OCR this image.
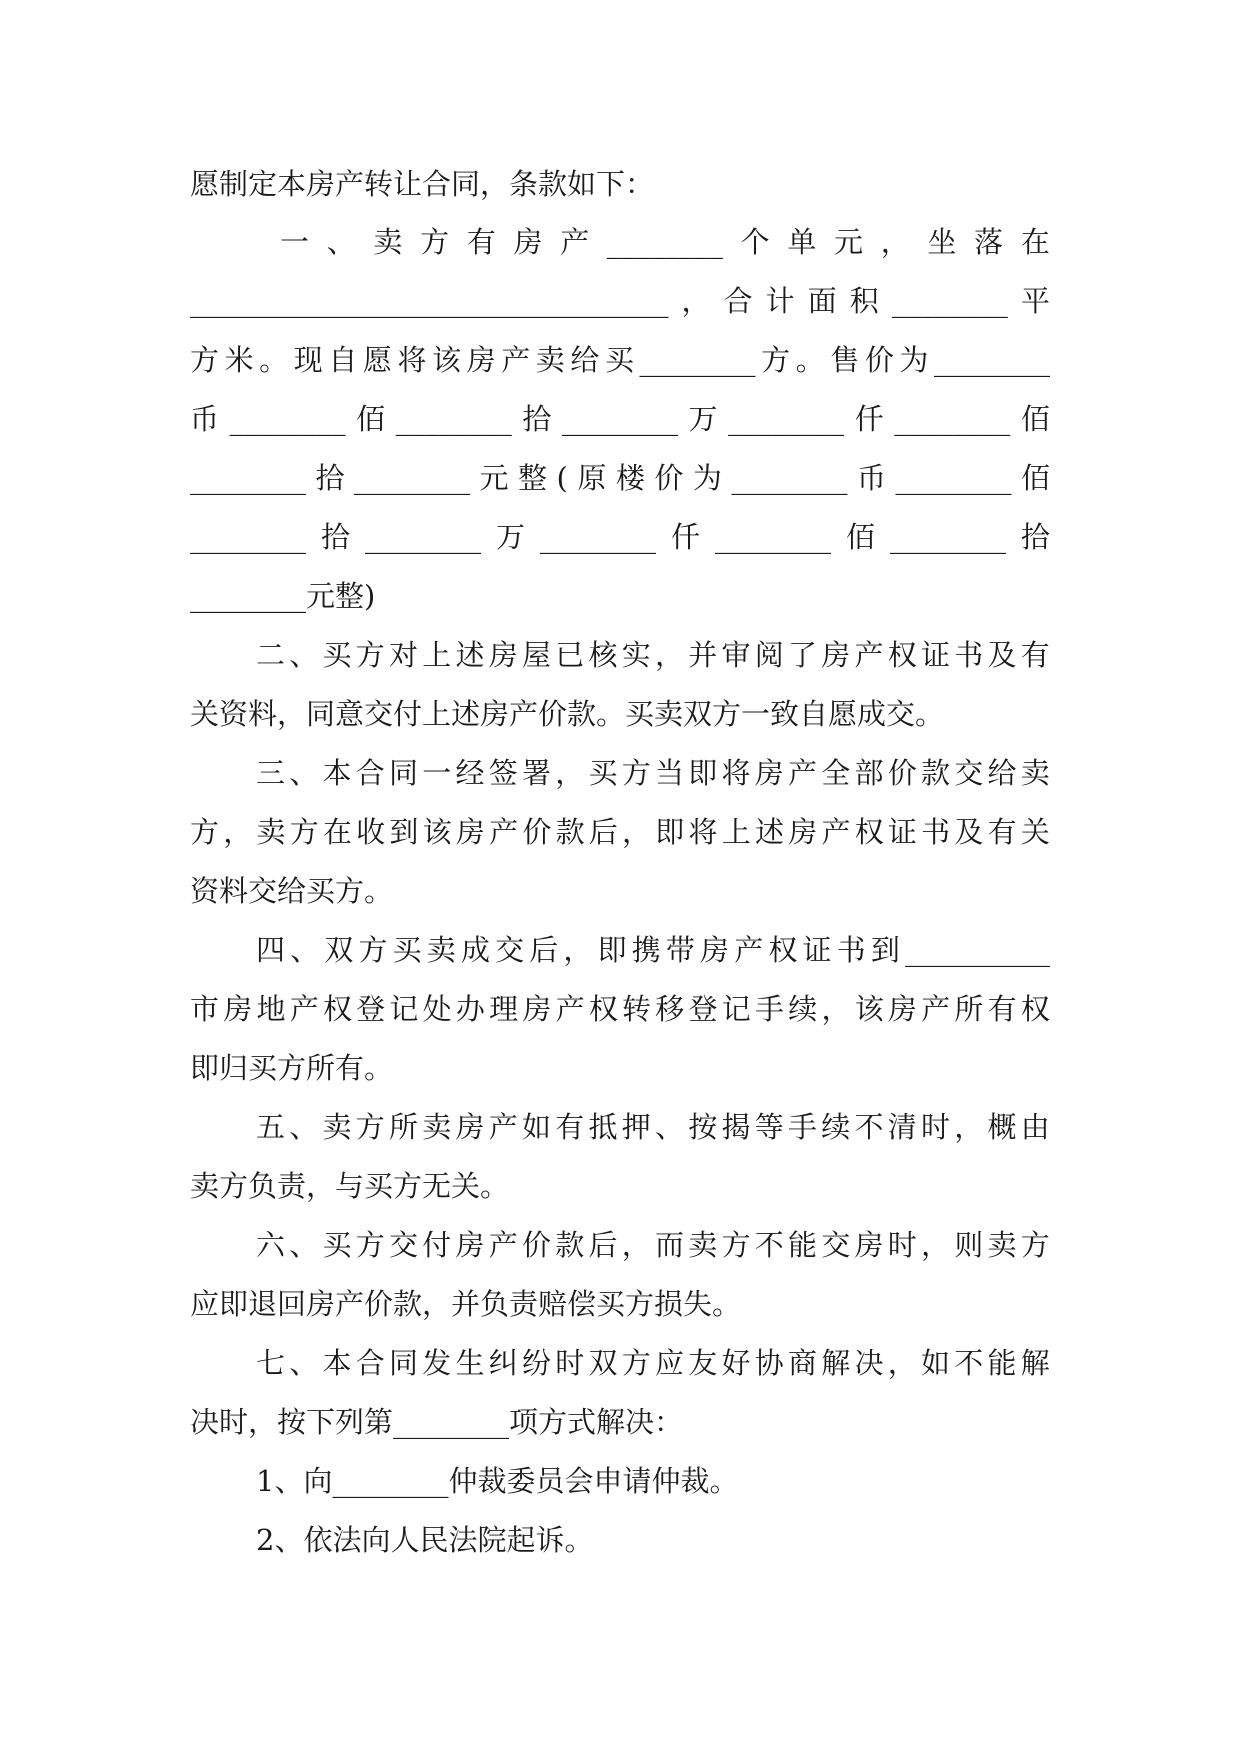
愿制定本房产转让合同，条款如下：
一 、 卖 方 有 房 产 ________ 个 单 元 ， 坐 落 在
_________________________________ ， 合 计 面 积 ________ 平
方 米 。 现 自 愿 将 该 房 产 卖 给 买 ________ 方 。 售 价 为 ________
币 ________ 佰 ________ 拾 ________ 万 ________ 仟 ________ 佰
________ 拾 ________ 元 整 ( 原 楼 价 为 ________ 币 ________ 佰
________ 拾 ________ 万 ________ 仟 ________ 佰 ________ 拾
________元整)
二 、 买 方 对 上 述 房 屋 已 核 实 ， 并 审 阅 了 房 产 权 证 书 及 有
关资料，同意交付上述房产价款。买卖双方一致自愿成交。
三 、 本 合 同 一 经 签 署 ， 买 方 当 即 将 房 产 全 部 价 款 交 给 卖
方 ， 卖 方 在 收 到 该 房 产 价 款 后 ， 即 将 上 述 房 产 权 证 书 及 有 关
资料交给买方。
四 、 双 方 买 卖 成 交 后 ， 即 携 带 房 产 权 证 书 到 __________
市 房 地 产 权 登 记 处 办 理 房 产 权 转 移 登 记 手 续 ， 该 房 产 所 有 权
即归买方所有。
五 、 卖 方 所 卖 房 产 如 有 抵 押 、 按 揭 等 手 续 不 清 时 ， 概 由
卖方负责，与买方无关。
六 、 买 方 交 付 房 产 价 款 后 ， 而 卖 方 不 能 交 房 时 ， 则 卖 方
应即退回房产价款，并负责赔偿买方损失。
七 、 本 合 同 发 生 纠 纷 时 双 方 应 友 好 协 商 解 决 ， 如 不 能 解
决时，按下列第________项方式解决：
1、向________仲裁委员会申请仲裁。
2、依法向人民法院起诉。
